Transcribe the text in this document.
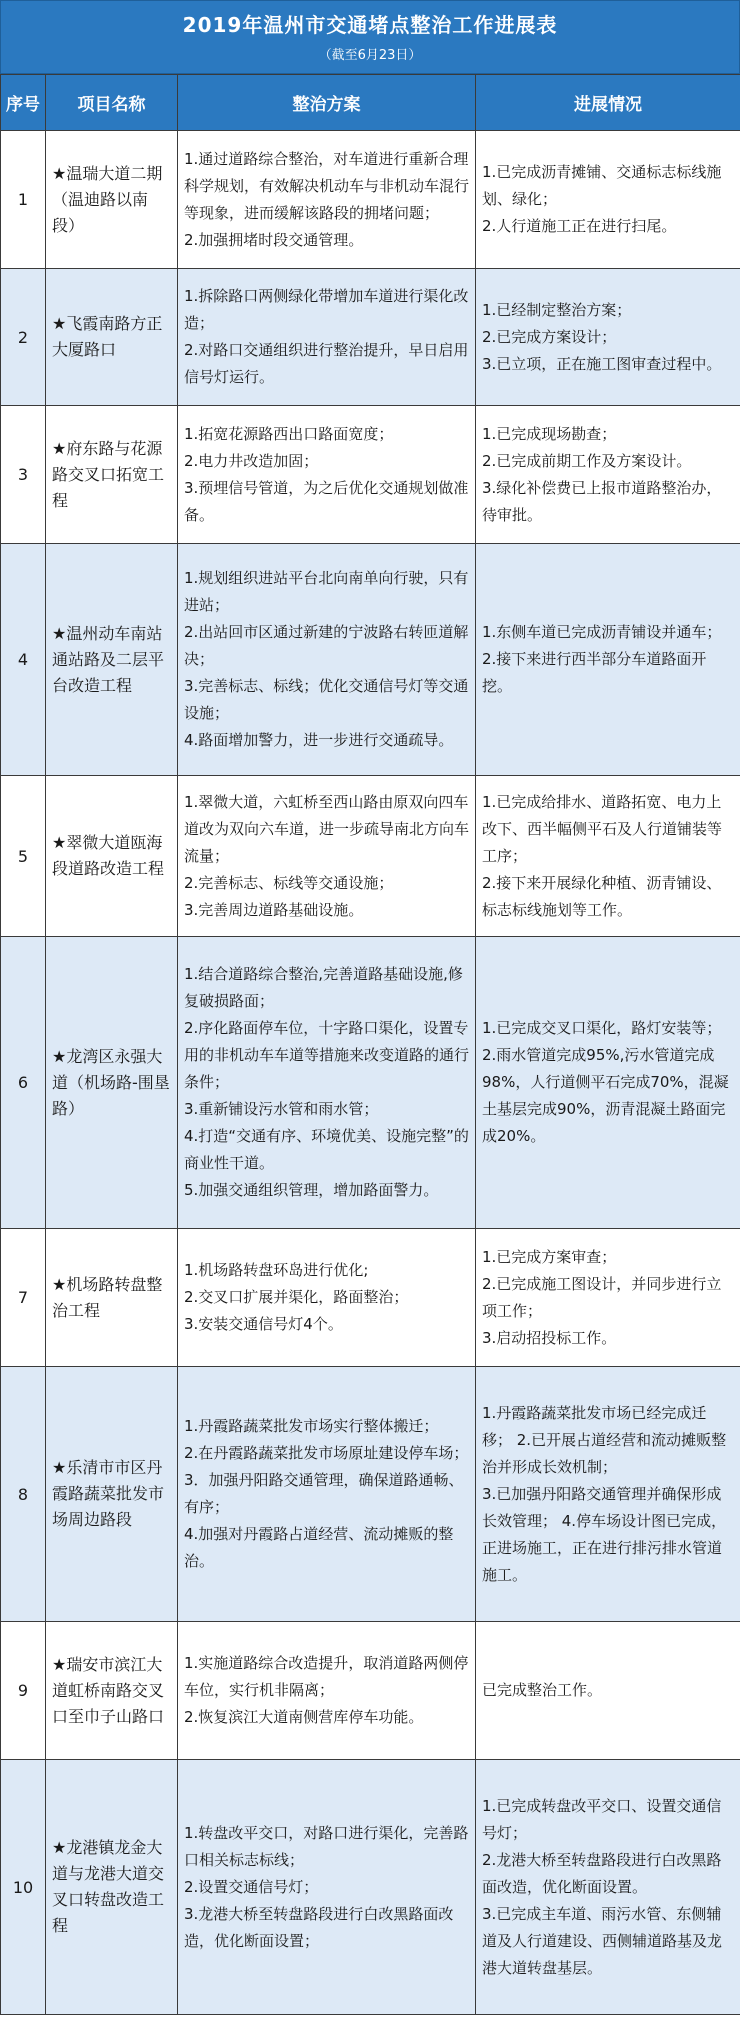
2019年温州市交通堵点整治工作进展表
（截至6月23日）
序号	项目名称	整治方案	进展情况
1	★温瑞大道二期（温迪路以南段）	1.通过道路综合整治，对车道进行重新合理科学规划，有效解决机动车与非机动车混行等现象，进而缓解该路段的拥堵问题；
2.加强拥堵时段交通管理。	1.已完成沥青摊铺、交通标志标线施划、绿化；
2.人行道施工正在进行扫尾。

2	★飞霞南路方正大厦路口	1.拆除路口两侧绿化带增加车道进行渠化改造；
2.对路口交通组织进行整治提升，早日启用信号灯运行。	1.已经制定整治方案；
2.已完成方案设计；
3.已立项，正在施工图审查过程中。

3	★府东路与花源路交叉口拓宽工程	1.拓宽花源路西出口路面宽度；
2.电力井改造加固；
3.预埋信号管道，为之后优化交通规划做准备。	1.已完成现场勘查；
2.已完成前期工作及方案设计。
3.绿化补偿费已上报市道路整治办，待审批。

4	★温州动车南站通站路及二层平台改造工程	1.规划组织进站平台北向南单向行驶，只有进站；
2.出站回市区通过新建的宁波路右转匝道解决；
3.完善标志、标线；优化交通信号灯等交通设施；
4.路面增加警力，进一步进行交通疏导。	1.东侧车道已完成沥青铺设并通车；
2.接下来进行西半部分车道路面开挖。

5	★翠微大道瓯海段道路改造工程	1.翠微大道，六虹桥至西山路由原双向四车道改为双向六车道，进一步疏导南北方向车流量；
2.完善标志、标线等交通设施；
3.完善周边道路基础设施。	1.已完成给排水、道路拓宽、电力上改下、西半幅侧平石及人行道铺装等工序；
2.接下来开展绿化种植、沥青铺设、标志标线施划等工作。

6	★龙湾区永强大道（机场路-围垦路）	1.结合道路综合整治,完善道路基础设施,修复破损路面；
2.序化路面停车位，十字路口渠化，设置专用的非机动车车道等措施来改变道路的通行条件；
3.重新铺设污水管和雨水管；
4.打造“交通有序、环境优美、设施完整”的商业性干道。
5.加强交通组织管理，增加路面警力。	1.已完成交叉口渠化，路灯安装等；
2.雨水管道完成95%,污水管道完成98%，人行道侧平石完成70%，混凝土基层完成90%，沥青混凝土路面完成20%。

7	★机场路转盘整治工程	1.机场路转盘环岛进行优化;
2.交叉口扩展并渠化，路面整治；
3.安装交通信号灯4个。	1.已完成方案审查；
2.已完成施工图设计，并同步进行立项工作；
3.启动招投标工作。

8	★乐清市市区丹霞路蔬菜批发市场周边路段	1.丹霞路蔬菜批发市场实行整体搬迁；
2.在丹霞路蔬菜批发市场原址建设停车场；
3．加强丹阳路交通管理，确保道路通畅、有序；
4.加强对丹霞路占道经营、流动摊贩的整治。	1.丹霞路蔬菜批发市场已经完成迁移； 2.已开展占道经营和流动摊贩整治并形成长效机制；
3.已加强丹阳路交通管理并确保形成长效管理； 4.停车场设计图已完成，正进场施工，正在进行排污排水管道施工。

9	★瑞安市滨江大道虹桥南路交叉口至巾子山路口	1.实施道路综合改造提升，取消道路两侧停车位，实行机非隔离；
2.恢复滨江大道南侧营库停车功能。	已完成整治工作。

10	★龙港镇龙金大道与龙港大道交叉口转盘改造工程	1.转盘改平交口，对路口进行渠化，完善路口相关标志标线；
2.设置交通信号灯；
3.龙港大桥至转盘路段进行白改黑路面改造，优化断面设置；	1.已完成转盘改平交口、设置交通信号灯；
2.龙港大桥至转盘路段进行白改黑路面改造，优化断面设置。
3.已完成主车道、雨污水管、东侧辅道及人行道建设、西侧辅道路基及龙港大道转盘基层。
